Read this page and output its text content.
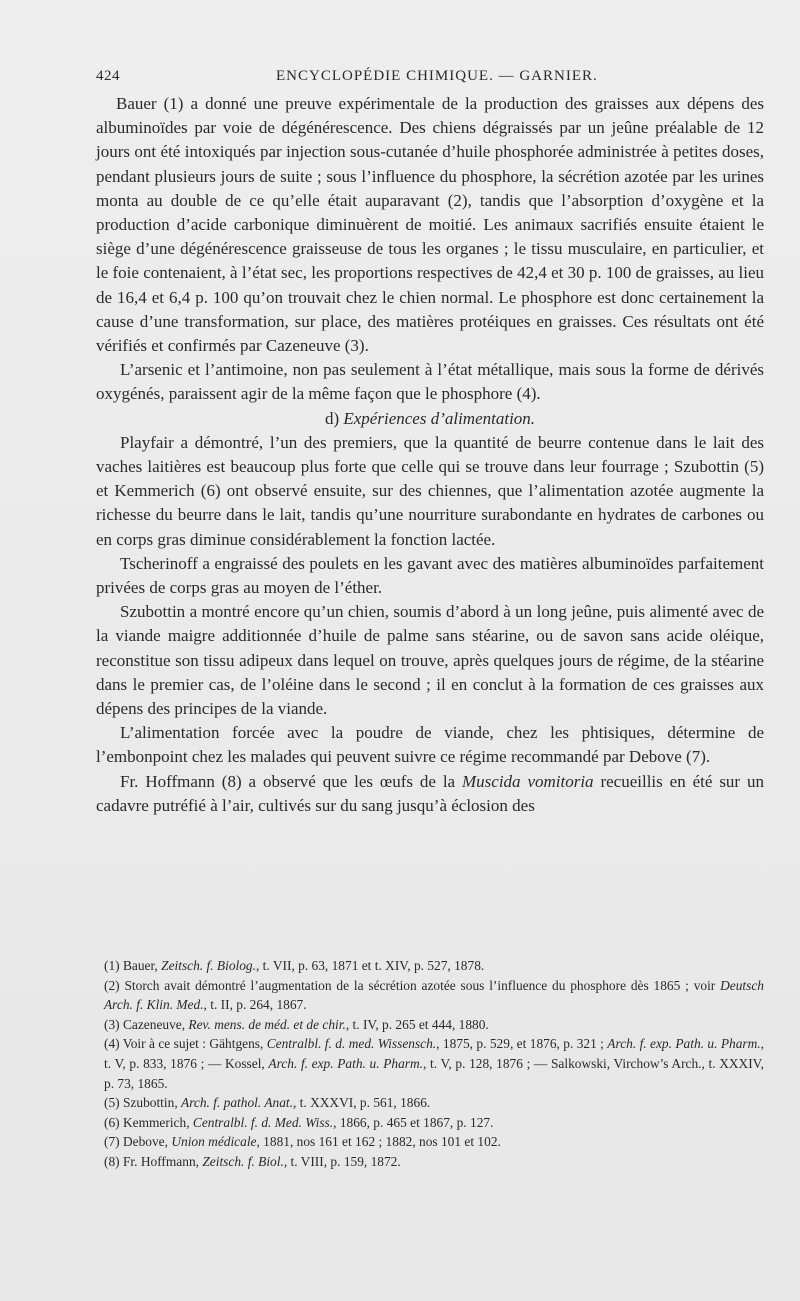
424	ENCYCLOPÉDIE CHIMIQUE. — GARNIER.

Bauer (1) a donné une preuve expérimentale de la production des graisses aux dépens des albuminoïdes par voie de dégénérescence. Des chiens dégraissés par un jeûne préalable de 12 jours ont été intoxiqués par injection sous-cutanée d’huile phosphorée administrée à petites doses, pendant plusieurs jours de suite ; sous l’influence du phosphore, la sécrétion azotée par les urines monta au double de ce qu’elle était auparavant (2), tandis que l’absorption d’oxygène et la production d’acide carbonique diminuèrent de moitié. Les animaux sacrifiés ensuite étaient le siège d’une dégénérescence graisseuse de tous les organes ; le tissu musculaire, en particulier, et le foie contenaient, à l’état sec, les proportions respectives de 42,4 et 30 p. 100 de graisses, au lieu de 16,4 et 6,4 p. 100 qu’on trouvait chez le chien normal. Le phosphore est donc certainement la cause d’une transformation, sur place, des matières protéiques en graisses. Ces résultats ont été vérifiés et confirmés par Cazeneuve (3).

L’arsenic et l’antimoine, non pas seulement à l’état métallique, mais sous la forme de dérivés oxygénés, paraissent agir de la même façon que le phosphore (4).

d) Expériences d’alimentation.

Playfair a démontré, l’un des premiers, que la quantité de beurre contenue dans le lait des vaches laitières est beaucoup plus forte que celle qui se trouve dans leur fourrage ; Szubottin (5) et Kemmerich (6) ont observé ensuite, sur des chiennes, que l’alimentation azotée augmente la richesse du beurre dans le lait, tandis qu’une nourriture surabondante en hydrates de carbones ou en corps gras diminue considérablement la fonction lactée.

Tscherinoff a engraissé des poulets en les gavant avec des matières albuminoïdes parfaitement privées de corps gras au moyen de l’éther.

Szubottin a montré encore qu’un chien, soumis d’abord à un long jeûne, puis alimenté avec de la viande maigre additionnée d’huile de palme sans stéarine, ou de savon sans acide oléique, reconstitue son tissu adipeux dans lequel on trouve, après quelques jours de régime, de la stéarine dans le premier cas, de l’oléine dans le second ; il en conclut à la formation de ces graisses aux dépens des principes de la viande.

L’alimentation forcée avec la poudre de viande, chez les phtisiques, détermine de l’embonpoint chez les malades qui peuvent suivre ce régime recommandé par Debove (7).

Fr. Hoffmann (8) a observé que les œufs de la Muscida vomitoria recueillis en été sur un cadavre putréfié à l’air, cultivés sur du sang jusqu’à éclosion des

(1) Bauer, Zeitsch. f. Biolog., t. VII, p. 63, 1871 et t. XIV, p. 527, 1878.

(2) Storch avait démontré l’augmentation de la sécrétion azotée sous l’influence du phosphore dès 1865 ; voir Deutsch Arch. f. Klin. Med., t. II, p. 264, 1867.

(3) Cazeneuve, Rev. mens. de méd. et de chir., t. IV, p. 265 et 444, 1880.

(4) Voir à ce sujet : Gähtgens, Centralbl. f. d. med. Wissensch., 1875, p. 529, et 1876, p. 321 ; Arch. f. exp. Path. u. Pharm., t. V, p. 833, 1876 ; — Kossel, Arch. f. exp. Path. u. Pharm., t. V, p. 128, 1876 ; — Salkowski, Virchow’s Arch., t. XXXIV, p. 73, 1865.

(5) Szubottin, Arch. f. pathol. Anat., t. XXXVI, p. 561, 1866.

(6) Kemmerich, Centralbl. f. d. Med. Wiss., 1866, p. 465 et 1867, p. 127.

(7) Debove, Union médicale, 1881, nos 161 et 162 ; 1882, nos 101 et 102.

(8) Fr. Hoffmann, Zeitsch. f. Biol., t. VIII, p. 159, 1872.
